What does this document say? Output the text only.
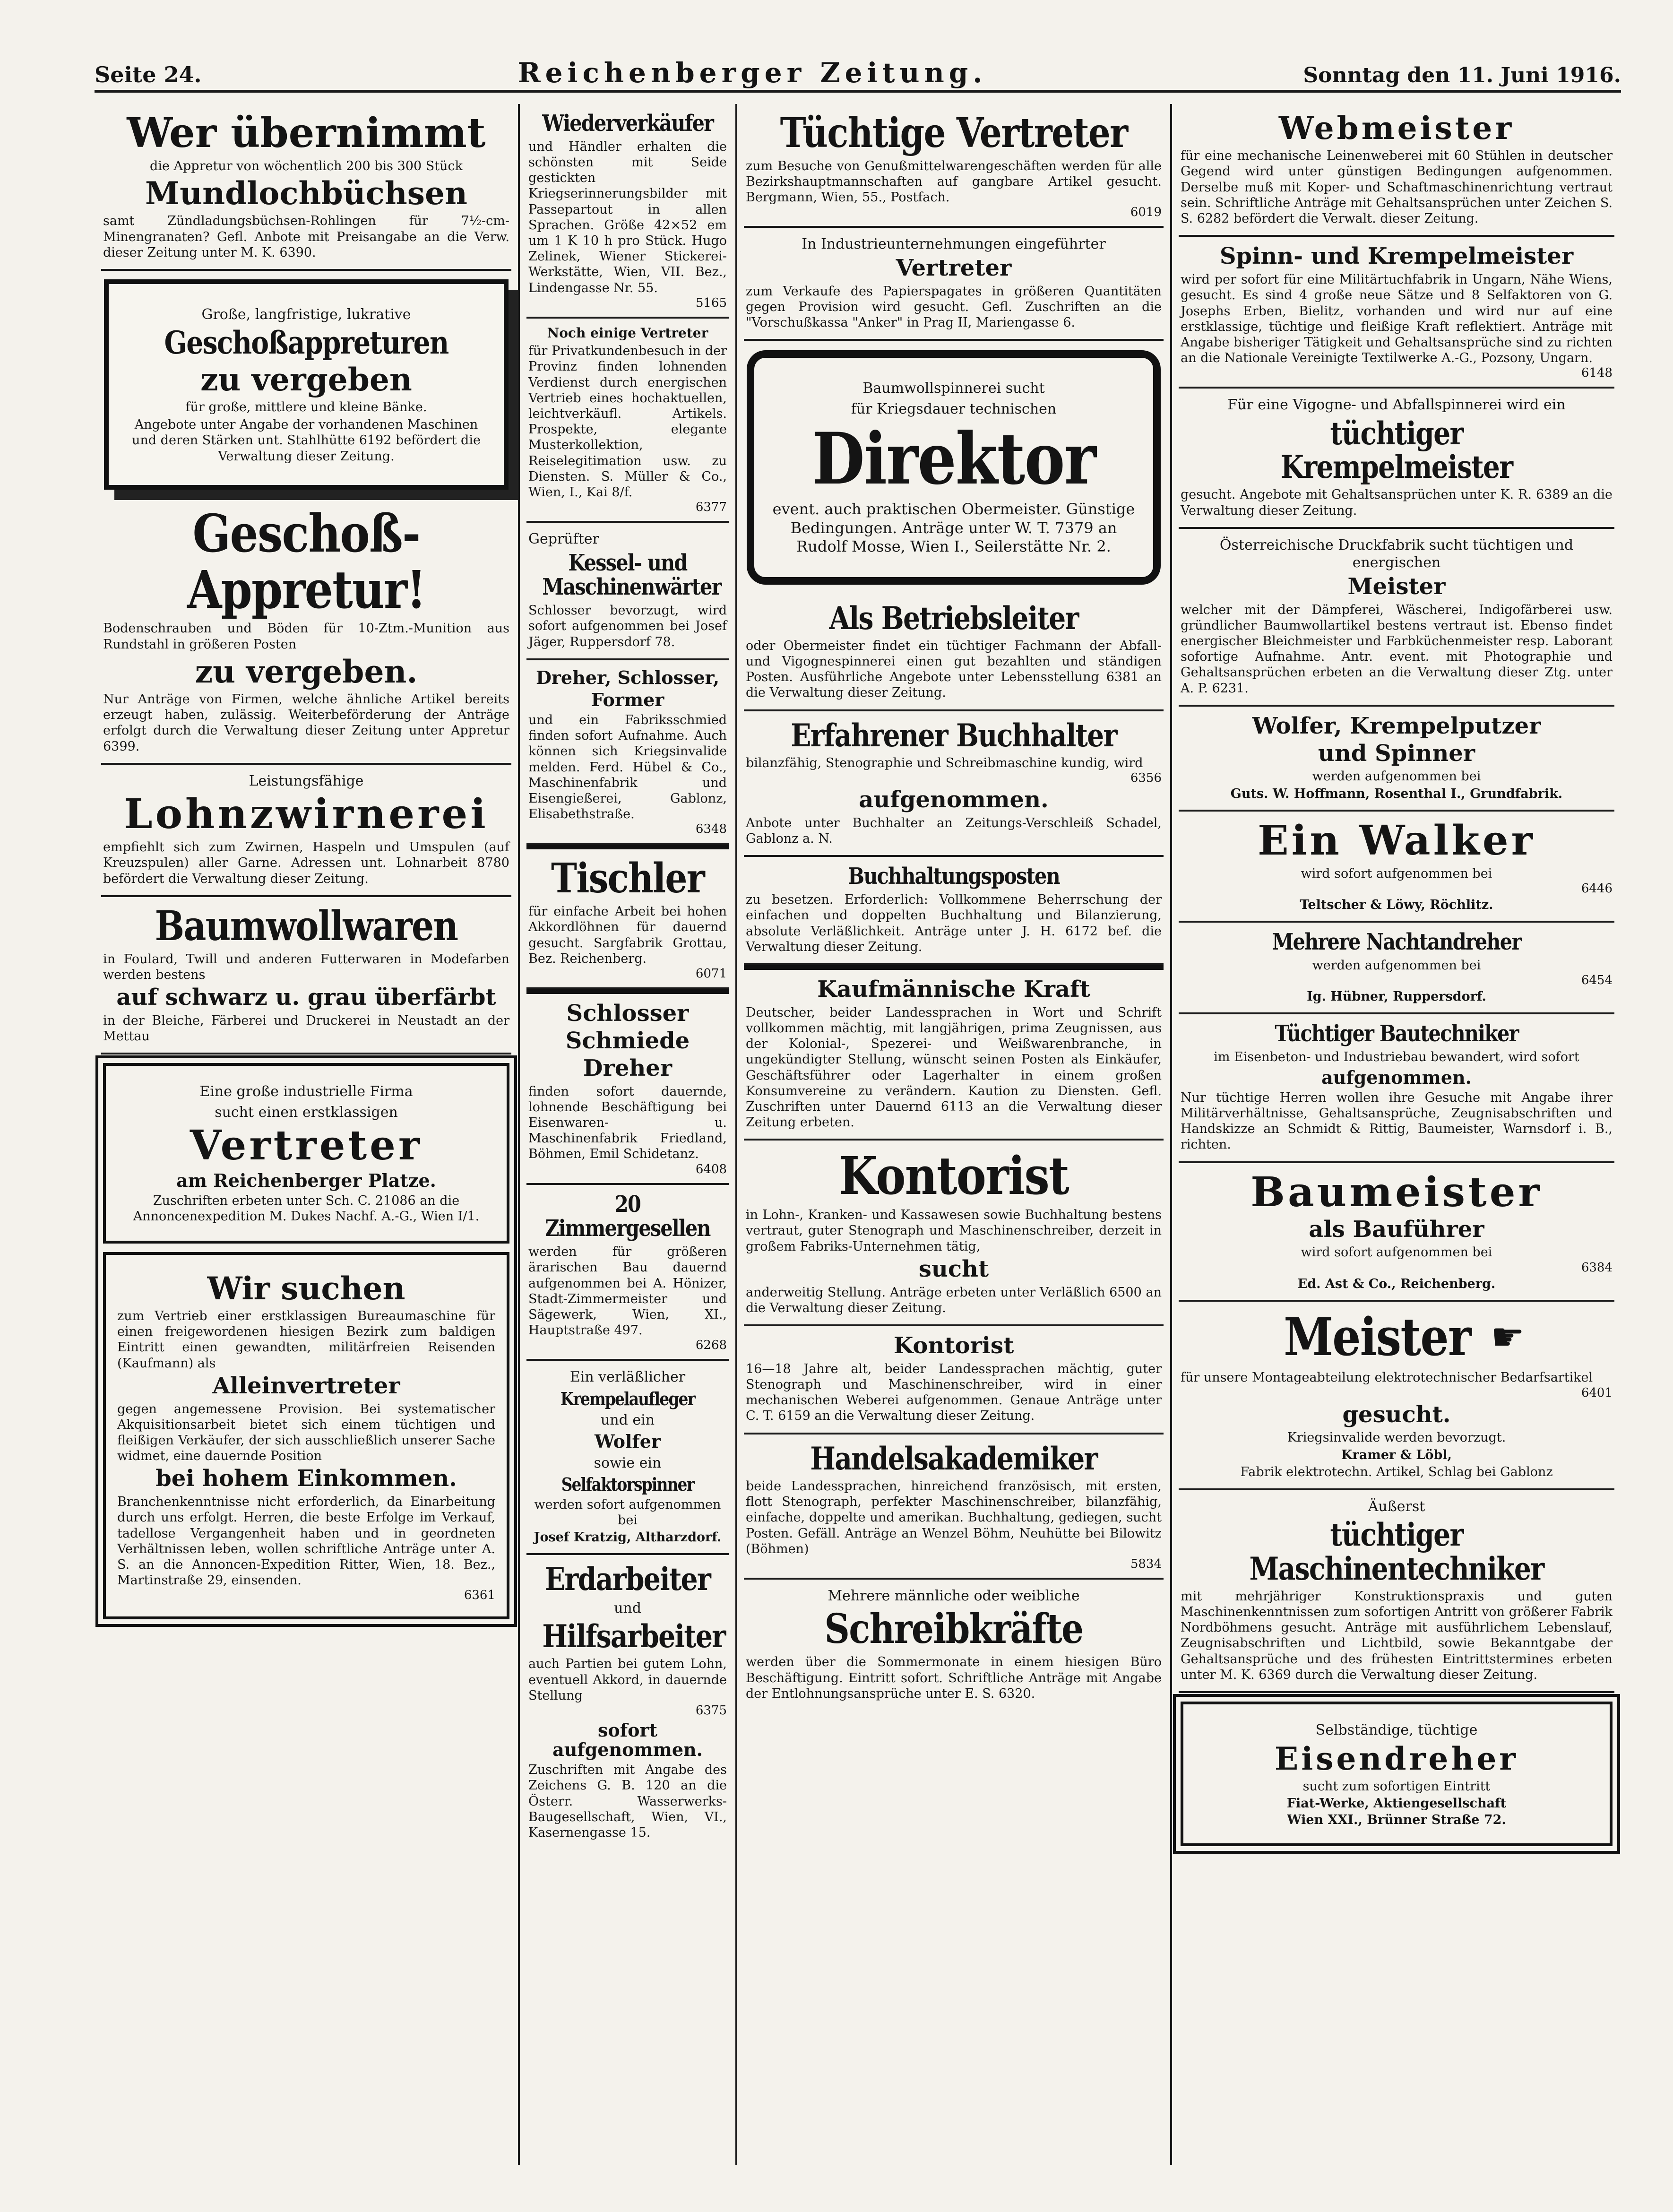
Seite 24.	Reichenberger Zeitung.	Sonntag den 11. Juni 1916.
Wer übernimmt
die Appretur von wöchentlich 200 bis 300 Stück
Mundlochbüchsen
samt Zündladungsbüchsen-Rohlingen für 7½-cm-Minengranaten? Gefl. Anbote mit Preisangabe an die Verw. dieser Zeitung unter M. K. 6390.
Große, langfristige, lukrative
Geschoßappreturen
zu vergeben
für große, mittlere und kleine Bänke.
Angebote unter Angabe der vorhandenen Maschinen und deren Stärken unt. Stahlhütte 6192 befördert die Verwaltung dieser Zeitung.
Geschoß-Appretur!
Bodenschrauben und Böden für 10-Ztm.-Munition aus Rundstahl in größeren Posten
zu vergeben.
Nur Anträge von Firmen, welche ähnliche Artikel bereits erzeugt haben, zulässig. Weiterbeförderung der Anträge erfolgt durch die Verwaltung dieser Zeitung unter Appretur 6399.
Leistungsfähige
Lohnzwirnerei
empfiehlt sich zum Zwirnen, Haspeln und Umspulen (auf Kreuzspulen) aller Garne. Adressen unt. Lohnarbeit 8780 befördert die Verwaltung dieser Zeitung.
Baumwollwaren
in Foulard, Twill und anderen Futterwaren in Modefarben werden bestens
auf schwarz u. grau überfärbt
in der Bleiche, Färberei und Druckerei in Neustadt an der Mettau
Eine große industrielle Firma
sucht einen erstklassigen
Vertreter
am Reichenberger Platze.
Zuschriften erbeten unter Sch. C. 21086 an die Annoncenexpedition M. Dukes Nachf. A.-G., Wien I/1.
Wir suchen
zum Vertrieb einer erstklassigen Bureaumaschine für einen freigewordenen hiesigen Bezirk zum baldigen Eintritt einen gewandten, militärfreien Reisenden (Kaufmann) als
Alleinvertreter
gegen angemessene Provision. Bei systematischer Akquisitionsarbeit bietet sich einem tüchtigen und fleißigen Verkäufer, der sich ausschließlich unserer Sache widmet, eine dauernde Position
bei hohem Einkommen.
Branchenkenntnisse nicht erforderlich, da Einarbeitung durch uns erfolgt. Herren, die beste Erfolge im Verkauf, tadellose Vergangenheit haben und in geordneten Verhältnissen leben, wollen schriftliche Anträge unter A. S. an die Annoncen-Expedition Ritter, Wien, 18. Bez., Martinstraße 29, einsenden.
6361
Wiederverkäufer
und Händler erhalten die schönsten mit Seide gestickten Kriegserinnerungsbilder mit Passepartout in allen Sprachen. Größe 42×52 em um 1 K 10 h pro Stück. Hugo Zelinek, Wiener Stickerei-Werkstätte, Wien, VII. Bez., Lindengasse Nr. 55.
5165
Noch einige Vertreter
für Privatkundenbesuch in der Provinz finden lohnenden Verdienst durch energischen Vertrieb eines hochaktuellen, leichtverkäufl. Artikels. Prospekte, elegante Musterkollektion, Reiselegitimation usw. zu Diensten. S. Müller & Co., Wien, I., Kai 8/f.
6377
Geprüfter
Kessel- und Maschinenwärter
Schlosser bevorzugt, wird sofort aufgenommen bei Josef Jäger, Ruppersdorf 78.
Dreher, Schlosser,
Former
und ein Fabriksschmied finden sofort Aufnahme. Auch können sich Kriegsinvalide melden. Ferd. Hübel & Co., Maschinenfabrik und Eisengießerei, Gablonz, Elisabethstraße.
6348
Tischler
für einfache Arbeit bei hohen Akkordlöhnen für dauernd gesucht. Sargfabrik Grottau, Bez. Reichenberg.
6071
Schlosser
Schmiede
Dreher
finden sofort dauernde, lohnende Beschäftigung bei Eisenwaren- u. Maschinenfabrik Friedland, Böhmen, Emil Schidetanz.
6408
20 Zimmergesellen
werden für größeren ärarischen Bau dauernd aufgenommen bei A. Hönizer, Stadt-Zimmermeister und Sägewerk, Wien, XI., Hauptstraße 497.
6268
Ein verläßlicher
Krempelaufleger
und ein
Wolfer
sowie ein
Selfaktorspinner
werden sofort aufgenommen bei
Josef Kratzig, Altharzdorf.
Erdarbeiter
und
Hilfsarbeiter
auch Partien bei gutem Lohn, eventuell Akkord, in dauernde Stellung
6375
sofort aufgenommen.
Zuschriften mit Angabe des Zeichens G. B. 120 an die Österr. Wasserwerks-Baugesellschaft, Wien, VI., Kasernengasse 15.
Tüchtige Vertreter
zum Besuche von Genußmittelwarengeschäften werden für alle Bezirkshauptmannschaften auf gangbare Artikel gesucht. Bergmann, Wien, 55., Postfach.
6019
In Industrieunternehmungen eingeführter
Vertreter
zum Verkaufe des Papierspagates in größeren Quantitäten gegen Provision wird gesucht. Gefl. Zuschriften an die "Vorschußkassa "Anker" in Prag II, Mariengasse 6.
Baumwollspinnerei sucht
für Kriegsdauer technischen
Direktor
event. auch praktischen Obermeister. Günstige Bedingungen. Anträge unter W. T. 7379 an Rudolf Mosse, Wien I., Seilerstätte Nr. 2.
Als Betriebsleiter
oder Obermeister findet ein tüchtiger Fachmann der Abfall- und Vigognespinnerei einen gut bezahlten und ständigen Posten. Ausführliche Angebote unter Lebensstellung 6381 an die Verwaltung dieser Zeitung.
Erfahrener Buchhalter
bilanzfähig, Stenographie und Schreibmaschine kundig, wird
6356
aufgenommen.
Anbote unter Buchhalter an Zeitungs-Verschleiß Schadel, Gablonz a. N.
Buchhaltungsposten
zu besetzen. Erforderlich: Vollkommene Beherrschung der einfachen und doppelten Buchhaltung und Bilanzierung, absolute Verläßlichkeit. Anträge unter J. H. 6172 bef. die Verwaltung dieser Zeitung.
Kaufmännische Kraft
Deutscher, beider Landessprachen in Wort und Schrift vollkommen mächtig, mit langjährigen, prima Zeugnissen, aus der Kolonial-, Spezerei- und Weißwarenbranche, in ungekündigter Stellung, wünscht seinen Posten als Einkäufer, Geschäftsführer oder Lagerhalter in einem großen Konsumvereine zu verändern. Kaution zu Diensten. Gefl. Zuschriften unter Dauernd 6113 an die Verwaltung dieser Zeitung erbeten.
Kontorist
in Lohn-, Kranken- und Kassawesen sowie Buchhaltung bestens vertraut, guter Stenograph und Maschinenschreiber, derzeit in großem Fabriks-Unternehmen tätig,
sucht
anderweitig Stellung. Anträge erbeten unter Verläßlich 6500 an die Verwaltung dieser Zeitung.
Kontorist
16—18 Jahre alt, beider Landessprachen mächtig, guter Stenograph und Maschinenschreiber, wird in einer mechanischen Weberei aufgenommen. Genaue Anträge unter C. T. 6159 an die Verwaltung dieser Zeitung.
Handelsakademiker
beide Landessprachen, hinreichend französisch, mit ersten, flott Stenograph, perfekter Maschinenschreiber, bilanzfähig, einfache, doppelte und amerikan. Buchhaltung, gediegen, sucht Posten. Gefäll. Anträge an Wenzel Böhm, Neuhütte bei Bilowitz (Böhmen)
5834
Mehrere männliche oder weibliche
Schreibkräfte
werden über die Sommermonate in einem hiesigen Büro Beschäftigung. Eintritt sofort. Schriftliche Anträge mit Angabe der Entlohnungsansprüche unter E. S. 6320.
Webmeister
für eine mechanische Leinenweberei mit 60 Stühlen in deutscher Gegend wird unter günstigen Bedingungen aufgenommen. Derselbe muß mit Koper- und Schaftmaschinenrichtung vertraut sein. Schriftliche Anträge mit Gehaltsansprüchen unter Zeichen S. S. 6282 befördert die Verwalt. dieser Zeitung.
Spinn- und Krempelmeister
wird per sofort für eine Militärtuchfabrik in Ungarn, Nähe Wiens, gesucht. Es sind 4 große neue Sätze und 8 Selfaktoren von G. Josephs Erben, Bielitz, vorhanden und wird nur auf eine erstklassige, tüchtige und fleißige Kraft reflektiert. Anträge mit Angabe bisheriger Tätigkeit und Gehaltsansprüche sind zu richten an die Nationale Vereinigte Textilwerke A.-G., Pozsony, Ungarn.
6148
Für eine Vigogne- und Abfallspinnerei wird ein
tüchtiger Krempelmeister
gesucht. Angebote mit Gehaltsansprüchen unter K. R. 6389 an die Verwaltung dieser Zeitung.
Österreichische Druckfabrik sucht tüchtigen und energischen
Meister
welcher mit der Dämpferei, Wäscherei, Indigofärberei usw. gründlicher Baumwollartikel bestens vertraut ist. Ebenso findet energischer Bleichmeister und Farbküchenmeister resp. Laborant sofortige Aufnahme. Antr. event. mit Photographie und Gehaltsansprüchen erbeten an die Verwaltung dieser Ztg. unter A. P. 6231.
Wolfer, Krempelputzer
und Spinner
werden aufgenommen bei
Guts. W. Hoffmann, Rosenthal I., Grundfabrik.
Ein Walker
wird sofort aufgenommen bei
6446
Teltscher & Löwy, Röchlitz.
Mehrere Nachtandreher
werden aufgenommen bei
6454
Ig. Hübner, Ruppersdorf.
Tüchtiger Bautechniker
im Eisenbeton- und Industriebau bewandert, wird sofort
aufgenommen.
Nur tüchtige Herren wollen ihre Gesuche mit Angabe ihrer Militärverhältnisse, Gehaltsansprüche, Zeugnisabschriften und Handskizze an Schmidt & Rittig, Baumeister, Warnsdorf i. B., richten.
Baumeister
als Bauführer
wird sofort aufgenommen bei
6384
Ed. Ast & Co., Reichenberg.
Meister ☛
für unsere Montageabteilung elektrotechnischer Bedarfsartikel
6401
gesucht.
Kriegsinvalide werden bevorzugt.
Kramer & Löbl,
Fabrik elektrotechn. Artikel, Schlag bei Gablonz
Äußerst
tüchtiger Maschinentechniker
mit mehrjähriger Konstruktionspraxis und guten Maschinenkenntnissen zum sofortigen Antritt von größerer Fabrik Nordböhmens gesucht. Anträge mit ausführlichem Lebenslauf, Zeugnisabschriften und Lichtbild, sowie Bekanntgabe der Gehaltsansprüche und des frühesten Eintrittstermines erbeten unter M. K. 6369 durch die Verwaltung dieser Zeitung.
Selbständige, tüchtige
Eisendreher
sucht zum sofortigen Eintritt
Fiat-Werke, Aktiengesellschaft
Wien XXI., Brünner Straße 72.
